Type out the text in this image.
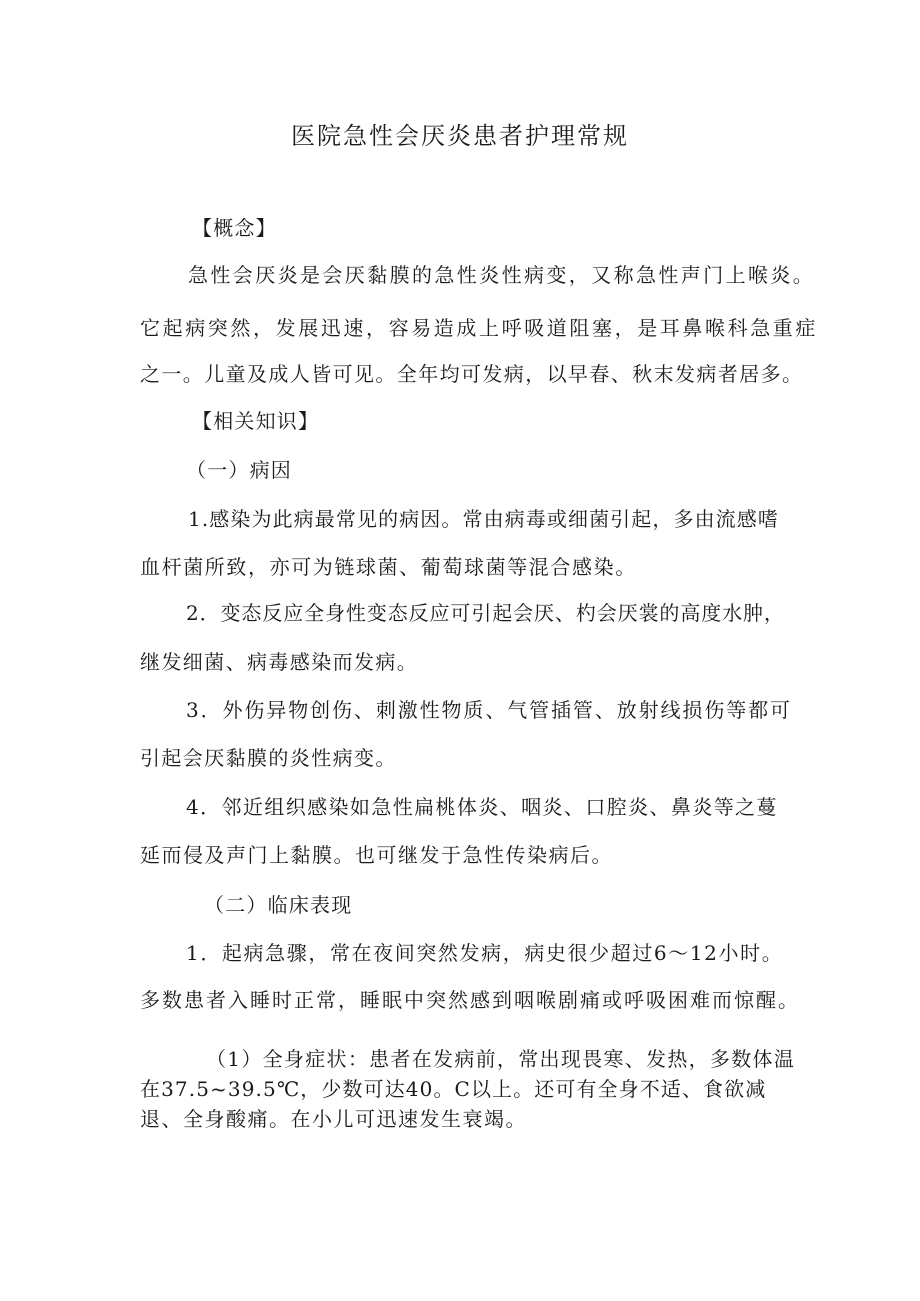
医院急性会厌炎患者护理常规
【概念】
急性会厌炎是会厌黏膜的急性炎性病变，又称急性声门上喉炎。
它起病突然，发展迅速，容易造成上呼吸道阻塞，是耳鼻喉科急重症
之一。儿童及成人皆可见。全年均可发病，以早春、秋末发病者居多。
【相关知识】
（一）病因
1.感染为此病最常见的病因。常由病毒或细菌引起，多由流感嗜
血杆菌所致，亦可为链球菌、葡萄球菌等混合感染。
2．变态反应全身性变态反应可引起会厌、杓会厌裳的高度水肿，
继发细菌、病毒感染而发病。
3．外伤异物创伤、刺激性物质、气管插管、放射线损伤等都可
引起会厌黏膜的炎性病变。
4．邻近组织感染如急性扁桃体炎、咽炎、口腔炎、鼻炎等之蔓
延而侵及声门上黏膜。也可继发于急性传染病后。
（二）临床表现
1．起病急骤，常在夜间突然发病，病史很少超过6～12小时。
多数患者入睡时正常，睡眠中突然感到咽喉剧痛或呼吸困难而惊醒。
（1）全身症状：患者在发病前，常出现畏寒、发热，多数体温
在37.5~39.5℃，少数可达40。C以上。还可有全身不适、食欲减
退、全身酸痛。在小儿可迅速发生衰竭。
